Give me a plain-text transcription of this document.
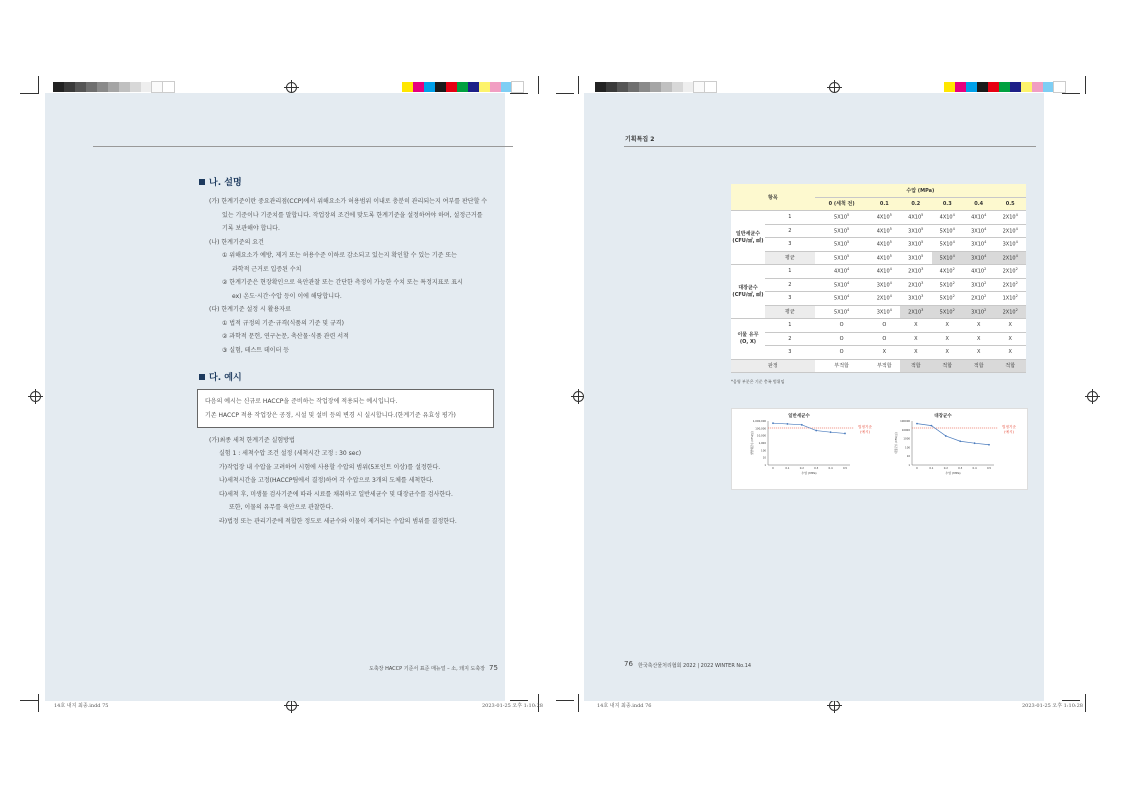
나. 설명
(가) 한계기준이란 중요관리점(CCP)에서 위해요소가 허용범위 이내로 충분히 관리되는지 여부를 판단할 수
있는 기준이나 기준치를 말합니다. 작업장의 조건에 맞도록 한계기준을 설정하여야 하며, 설정근거를
기록 보관해야 합니다.
(나) 한계기준의 요건
① 위해요소가 예방, 제거 또는 허용수준 이하로 감소되고 있는지 확인할 수 있는 기준 또는
과학적 근거로 입증된 수치
② 한계기준은 현장확인으로 육안관찰 또는 간단한 측정이 가능한 수치 또는 특정지표로 표시
ex) 온도·시간·수압 등이 이에 해당합니다.
(다) 한계기준 설정 시 활용자료
① 법적 규정의 기준·규격(식품의 기준 및 규격)
② 과학적 문헌, 연구논문, 축산물·식품 관련 서적
③ 실험, 테스트 데이터 등
다. 예시
다음의 예시는 신규로 HACCP을 준비하는 작업장에 적용되는 예시입니다.
기존 HACCP 적용 작업장은 공정, 시설 및 설비 등의 변경 시 실시합니다.(한계기준 유효성 평가)
(가)최종 세척 한계기준 실험방법
실험 1 : 세척수압 조건 설정 (세척시간 고정 : 30 sec)
가)작업장 내 수압을 고려하여 시험에 사용할 수압의 범위(5포인트 이상)를 설정한다.
나)세척시간을 고정(HACCP팀에서 결정)하여 각 수압으로 3개의 도체를 세척한다.
다)세척 후, 미생물 검사기준에 따라 시료를 채취하고 일반세균수 및 대장균수를 검사한다.
또한, 이물의 유무를 육안으로 관찰한다.
라)법정 또는 관리기준에 적합한 정도로 세균수와 이물이 제거되는 수압의 범위를 결정한다.
도축장 HACCP 기준서 표준 매뉴얼 – 소, 돼지 도축장 75
14호 내지 최종.indd 75	2023-01-25 오후 1:10:28
기획특집 2
항목		수압 (MPa)					
		0 (세척 전)	0.1	0.2	0.3	0.4	0.5

일반세균수
(CFU/㎠, ㎖)	1	$5X10^5$	$4X10^5$	$4X10^5$	$4X10^4$	$4X10^4$	$2X10^4$
	2	$5X10^5$	$4X10^5$	$3X10^5$	$5X10^4$	$3X10^4$	$2X10^4$
	3	$5X10^5$	$4X10^5$	$3X10^5$	$5X10^4$	$3X10^4$	$3X10^4$
	평균	$5X10^5$	$4X10^5$	$3X10^5$	$5X10^4$	$3X10^4$	$2X10^4$

대장균수
(CFU/㎠, ㎖)	1	$4X10^4$	$4X10^4$	$2X10^3$	$4X10^2$	$4X10^2$	$2X10^2$
	2	$5X10^4$	$3X10^4$	$2X10^3$	$5X10^2$	$3X10^2$	$2X10^2$
	3	$5X10^4$	$2X10^4$	$3X10^3$	$5X10^2$	$2X10^2$	$1X10^2$
	평균	$5X10^4$	$3X10^4$	$2X10^3$	$5X10^2$	$3X10^2$	$2X10^2$

이물 유무
(O, X)	1	O	O	X	X	X	X
	2	O	O	X	X	X	X
	3	O	X	X	X	X	X
판정		부적합	부적합	적합	적합	적합	적합
*음영 부분은 기준 충족 범위임
일반세균수
1
10
100
1,000
10,000
100,000
1,000,000
0	0.1	0.2	0.3	0.4	0.5
수압 (MPa)
일반세균수 (CFU/㎠)
법정기준
(예시)
대장균수
1
10
100
1000
10000
100000
0	0.1	0.2	0.3	0.4	0.5
수압 (MPa)
대장균수 (CFU/㎠)
법정기준
(예시)
76 한국축산물처리협회 2022 | 2022 WINTER No.14
14호 내지 최종.indd 76	2023-01-25 오후 1:10:28
